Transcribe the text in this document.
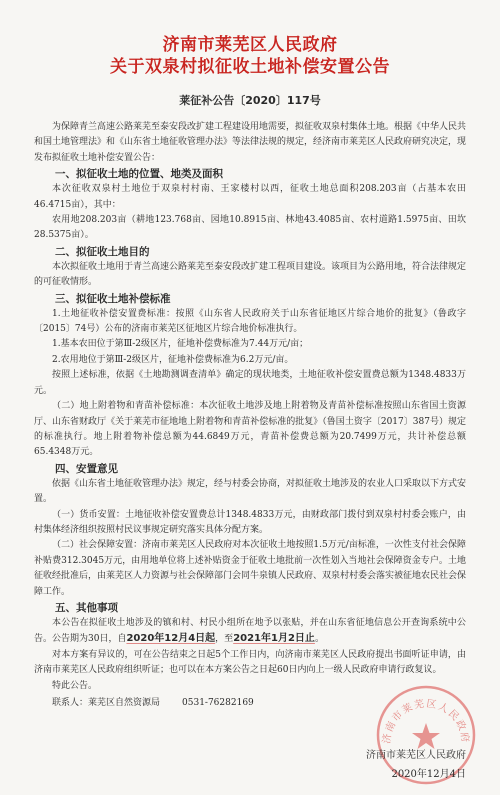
济南市莱芜区人民政府
关于双泉村拟征收土地补偿安置公告
莱征补公告〔2020〕117号

为保障青兰高速公路莱芜至泰安段改扩建工程建设用地需要，拟征收双泉村集体土地。根据《中华人民共和国土地管理法》和《山东省土地征收管理办法》等法律法规的规定，经济南市莱芜区人民政府研究决定，现发布拟征收土地补偿安置公告：

一、拟征收土地的位置、地类及面积

本次征收双泉村土地位于双泉村村南、王家楼村以西，征收土地总面积208.203亩（占基本农田46.4715亩），其中：

农用地208.203亩（耕地123.768亩、园地10.8915亩、林地43.4085亩、农村道路1.5975亩、田坎28.5375亩）。

二、拟征收土地目的

本次拟征收土地用于青兰高速公路莱芜至泰安段改扩建工程项目建设。该项目为公路用地，符合法律规定的可征收情形。

三、拟征收土地补偿标准

1.土地征收补偿安置费标准：按照《山东省人民政府关于山东省征地区片综合地价的批复》（鲁政字〔2015〕74号）公布的济南市莱芜区征地区片综合地价标准执行。

1.基本农田位于第Ⅲ-2级区片，征地补偿费标准为7.44万元/亩；

2.农用地位于第Ⅲ-2级区片，征地补偿费标准为6.2万元/亩。

按照上述标准，依据《土地勘测调查清单》确定的现状地类，土地征收补偿安置费总额为1348.4833万元。

（二）地上附着物和青苗补偿标准：本次征收土地涉及地上附着物及青苗补偿标准按照山东省国土资源厅、山东省财政厅《关于莱芜市征地地上附着物和青苗补偿标准的批复》（鲁国土资字〔2017〕387号）规定的标准执行。地上附着物补偿总额为44.6849万元，青苗补偿费总额为20.7499万元，共计补偿总额65.4348万元。

四、安置意见

依据《山东省土地征收管理办法》规定，经与村委会协商，对拟征收土地涉及的农业人口采取以下方式安置。

（一）货币安置：土地征收补偿安置费总计1348.4833万元，由财政部门拨付到双泉村村委会账户，由村集体经济组织按照村民议事规定研究落实具体分配方案。

（二）社会保障安置：济南市莱芜区人民政府对本次征收土地按照1.5万元/亩标准，一次性支付社会保障补贴费312.3045万元，由用地单位将上述补贴资金于征收土地批前一次性划入当地社会保障资金专户。土地征收经批准后，由莱芜区人力资源与社会保障部门会同牛泉镇人民政府、双泉村村委会落实被征地农民社会保障工作。

五、其他事项

本公告在拟征收土地涉及的镇和村、村民小组所在地予以张贴，并在山东省征地信息公开查询系统中公告。公告期为30日，自2020年12月4日起，至2021年1月2日止。

对本方案有异议的，可在公告结束之日起5个工作日内，向济南市莱芜区人民政府提出书面听证申请，由济南市莱芜区人民政府组织听证；也可以在本方案公告之日起60日内向上一级人民政府申请行政复议。

特此公告。

联系人：莱芜区自然资源局 0531-76282169

济南市莱芜区人民政府
济南市莱芜区人民政府
2020年12月4日
